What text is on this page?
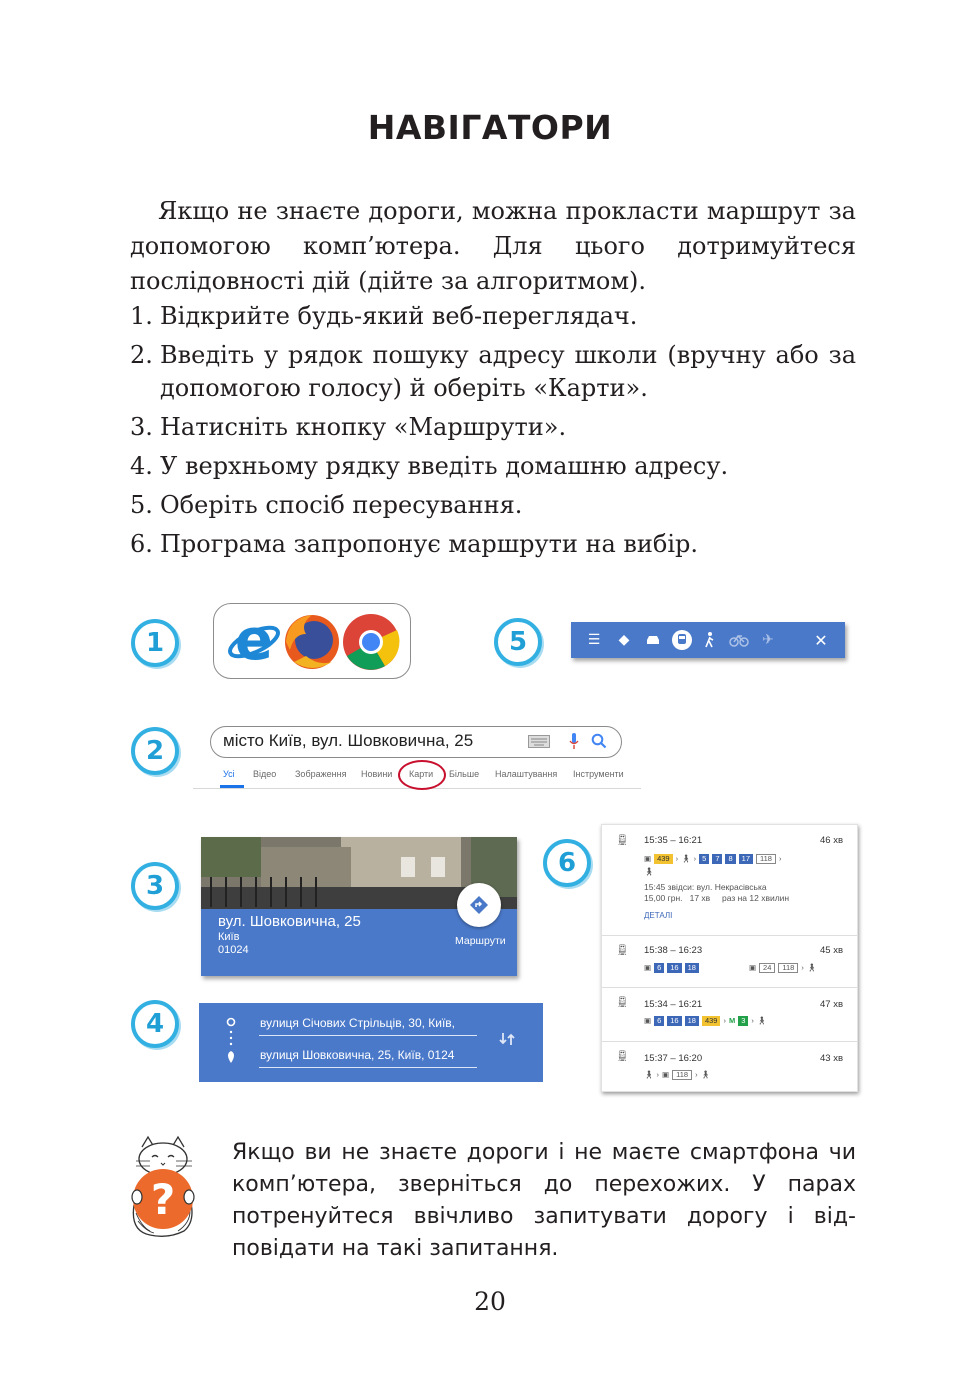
НАВІГАТОРИ

Якщо не знаєте дороги, можна прокласти маршрут за допомогою комп’ютера. Для цього дотримуйтеся послідовності дій (дійте за алгоритмом).

1. Відкрийте будь-який веб-переглядач.
2. Введіть у рядок пошуку адресу школи (вручну або за допомогою голосу) й оберіть «Карти».
3. Натисніть кнопку «Маршрути».
4. У верхньому рядку введіть домашню адресу.
5. Оберіть спосіб пересування.
6. Програма запропонує маршрути на вибір.
1
2
3
4
5
6
e	☰	◆	✈	✕
місто Київ, вул. Шовковична, 25
Усі Відео Зображення Новини Карти Більше Налаштування Інструменти
вул. Шовковична, 25
Київ
01024
Маршрути
вулиця Січових Стрільців, 30, Київ,
вулиця Шовковична, 25, Київ, 0124
🚆︎ 15:35 – 16:21	46 хв
▣ 439 › 🚶︎ › 5	7	8	17	118 ›
🚶︎
15:45 звідси: вул. Некрасівська
15,00 грн.   17 хв     раз на 12 хвилин
ДЕТАЛІ
🚆︎ 15:38 – 16:23	45 хв
▣ 6	16	18	▣ 24	118 › 🚶︎
🚆︎ 15:34 – 16:21	47 хв
▣ 6	16	18	439 › M 3 › 🚶︎
🚆︎ 15:37 – 16:20	43 хв
🚶︎ › ▣ 118 › 🚶︎
?

Якщо ви не знаєте дороги і не маєте смартфона чи комп’ютера, зверніться до перехожих. У парах потренуйтеся ввічливо запитувати дорогу і відповідати на такі запитання.

20
